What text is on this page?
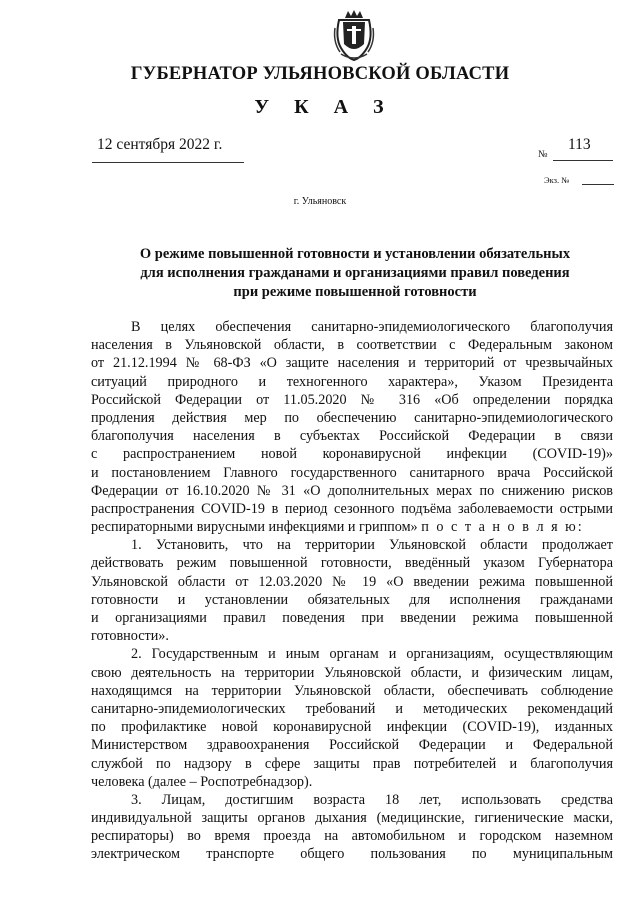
ГУБЕРНАТОР УЛЬЯНОВСКОЙ ОБЛАСТИ
У К А З
12 сентября 2022 г.	113
№
Экз. №
г. Ульяновск
О режиме повышенной готовности и установлении обязательных
для исполнения гражданами и организациями правил поведения
при режиме повышенной готовности
В целях обеспечения санитарно-эпидемиологического благополучия
населения в Ульяновской области, в соответствии с Федеральным законом
от 21.12.1994 № 68-ФЗ «О защите населения и территорий от чрезвычайных
ситуаций природного и техногенного характера», Указом Президента
Российской Федерации от 11.05.2020 № 316 «Об определении порядка
продления действия мер по обеспечению санитарно-эпидемиологического
благополучия населения в субъектах Российской Федерации в связи
с распространением новой коронавирусной инфекции (COVID-19)»
и постановлением Главного государственного санитарного врача Российской
Федерации от 16.10.2020 № 31 «О дополнительных мерах по снижению рисков
распространения COVID-19 в период сезонного подъёма заболеваемости острыми
респираторными вирусными инфекциями и гриппом» п о с т а н о в л я ю:
1. Установить, что на территории Ульяновской области продолжает
действовать режим повышенной готовности, введённый указом Губернатора
Ульяновской области от 12.03.2020 № 19 «О введении режима повышенной
готовности и установлении обязательных для исполнения гражданами
и организациями правил поведения при введении режима повышенной
готовности».
2. Государственным и иным органам и организациям, осуществляющим
свою деятельность на территории Ульяновской области, и физическим лицам,
находящимся на территории Ульяновской области, обеспечивать соблюдение
санитарно-эпидемиологических требований и методических рекомендаций
по профилактике новой коронавирусной инфекции (COVID-19), изданных
Министерством здравоохранения Российской Федерации и Федеральной
службой по надзору в сфере защиты прав потребителей и благополучия
человека (далее – Роспотребнадзор).
3. Лицам, достигшим возраста 18 лет, использовать средства
индивидуальной защиты органов дыхания (медицинские, гигиенические маски,
респираторы) во время проезда на автомобильном и городском наземном
электрическом транспорте общего пользования по муниципальным
